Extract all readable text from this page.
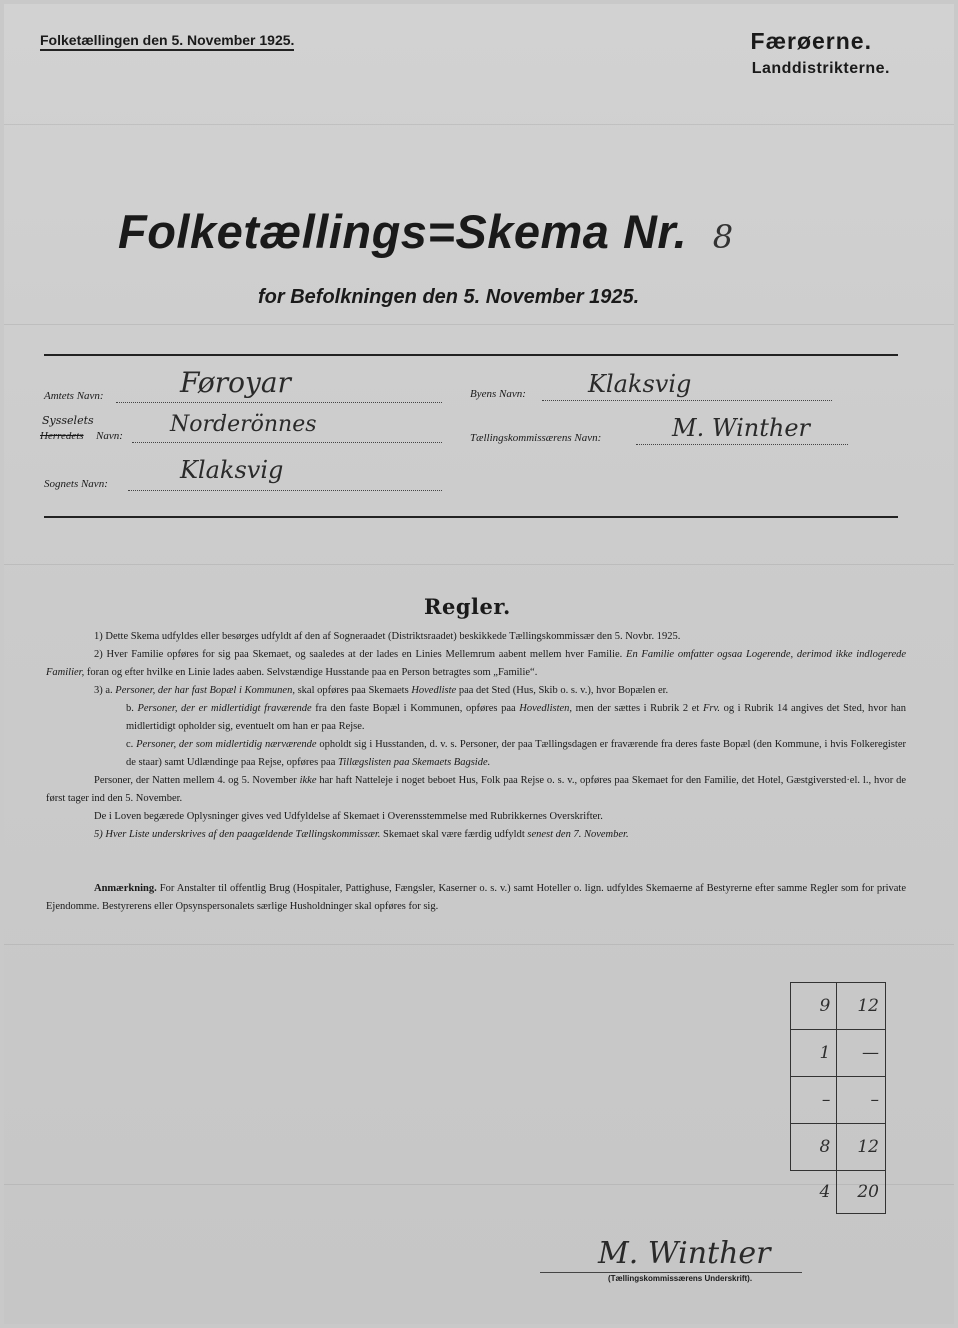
Folketællingen den 5. November 1925.	Færøerne.
Landdistrikterne.
Folketællings=Skema Nr. 8
for Befolkningen den 5. November 1925.
Amtets Navn:	Føroyar
Sysselets
Herredets Navn: Norderönnes
Sognets Navn:	Klaksvig
Byens Navn:	Klaksvig
Tællingskommissærens Navn:	M. Winther
Regler.

1) Dette Skema udfyldes eller besørges udfyldt af den af Sogneraadet (Distriktsraadet) beskikkede Tællingskommissær den 5. Novbr. 1925.

2) Hver Familie opføres for sig paa Skemaet, og saaledes at der lades en Linies Mellemrum aabent mellem hver Familie. En Familie omfatter ogsaa Logerende, derimod ikke indlogerede Familier, foran og efter hvilke en Linie lades aaben. Selvstændige Husstande paa en Person betragtes som „Familie“.

3) a. Personer, der har fast Bopæl i Kommunen, skal opføres paa Skemaets Hovedliste paa det Sted (Hus, Skib o. s. v.), hvor Bopælen er.

b. Personer, der er midlertidigt fraværende fra den faste Bopæl i Kommunen, opføres paa Hovedlisten, men der sættes i Rubrik 2 et Frv. og i Rubrik 14 angives det Sted, hvor han midlertidigt opholder sig, eventuelt om han er paa Rejse.

c. Personer, der som midlertidig nærværende opholdt sig i Husstanden, d. v. s. Personer, der paa Tællingsdagen er fraværende fra deres faste Bopæl (den Kommune, i hvis Folkeregister de staar) samt Udlændinge paa Rejse, opføres paa Tillægslisten paa Skemaets Bagside.

Personer, der Natten mellem 4. og 5. November ikke har haft Natteleje i noget beboet Hus, Folk paa Rejse o. s. v., opføres paa Skemaet for den Familie, det Hotel, Gæstgiversted·el. l., hvor de først tager ind den 5. November.

De i Loven begærede Oplysninger gives ved Udfyldelse af Skemaet i Overensstemmelse med Rubrikkernes Overskrifter.

5) Hver Liste underskrives af den paagældende Tællingskommissær. Skemaet skal være færdig udfyldt senest den 7. November.

Anmærkning. For Anstalter til offentlig Brug (Hospitaler, Pattighuse, Fængsler, Kaserner o. s. v.) samt Hoteller o. lign. udfyldes Skemaerne af Bestyrerne efter samme Regler som for private Ejendomme. Bestyrerens eller Opsynspersonalets særlige Husholdninger skal opføres for sig.
9	12
1	—
–	–
8	12
4	20
M. Winther
(Tællingskommissærens Underskrift).
